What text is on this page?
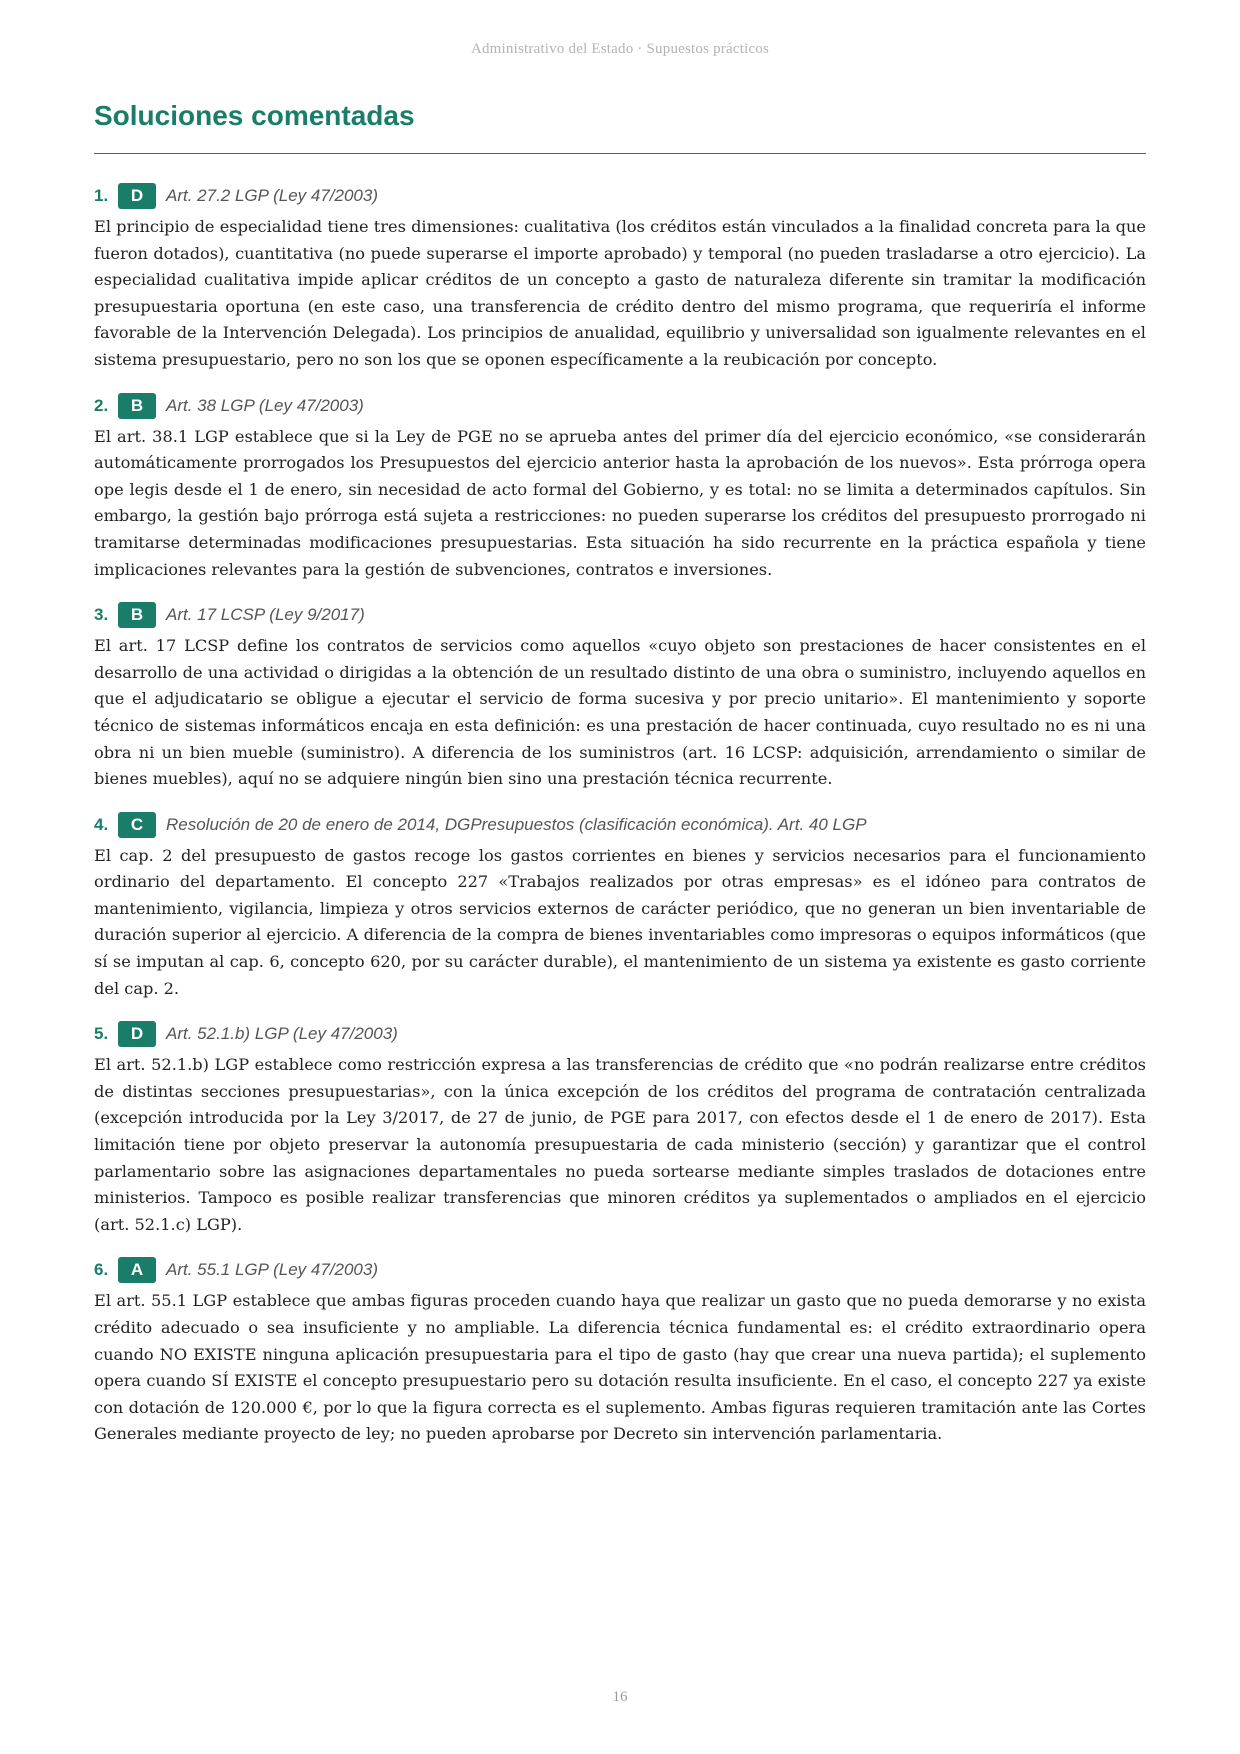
Administrativo del Estado · Supuestos prácticos
Soluciones comentadas
1.	D	Art. 27.2 LGP (Ley 47/2003)

El principio de especialidad tiene tres dimensiones: cualitativa (los créditos están vinculados a la finalidad concreta para la que fueron dotados), cuantitativa (no puede superarse el importe aprobado) y temporal (no pueden trasladarse a otro ejercicio). La especialidad cualitativa impide aplicar créditos de un concepto a gasto de naturaleza diferente sin tramitar la modificación presupuestaria oportuna (en este caso, una transferencia de crédito dentro del mismo programa, que requeriría el informe favorable de la Intervención Delegada). Los principios de anualidad, equilibrio y universalidad son igualmente relevantes en el sistema presupuestario, pero no son los que se oponen específicamente a la reubicación por concepto.

2.	B	Art. 38 LGP (Ley 47/2003)

El art. 38.1 LGP establece que si la Ley de PGE no se aprueba antes del primer día del ejercicio económico, «se considerarán automáticamente prorrogados los Presupuestos del ejercicio anterior hasta la aprobación de los nuevos». Esta prórroga opera ope legis desde el 1 de enero, sin necesidad de acto formal del Gobierno, y es total: no se limita a determinados capítulos. Sin embargo, la gestión bajo prórroga está sujeta a restricciones: no pueden superarse los créditos del presupuesto prorrogado ni tramitarse determinadas modificaciones presupuestarias. Esta situación ha sido recurrente en la práctica española y tiene implicaciones relevantes para la gestión de subvenciones, contratos e inversiones.

3.	B	Art. 17 LCSP (Ley 9/2017)

El art. 17 LCSP define los contratos de servicios como aquellos «cuyo objeto son prestaciones de hacer consistentes en el desarrollo de una actividad o dirigidas a la obtención de un resultado distinto de una obra o suministro, incluyendo aquellos en que el adjudicatario se obligue a ejecutar el servicio de forma sucesiva y por precio unitario». El mantenimiento y soporte técnico de sistemas informáticos encaja en esta definición: es una prestación de hacer continuada, cuyo resultado no es ni una obra ni un bien mueble (suministro). A diferencia de los suministros (art. 16 LCSP: adquisición, arrendamiento o similar de bienes muebles), aquí no se adquiere ningún bien sino una prestación técnica recurrente.

4.	C	Resolución de 20 de enero de 2014, DGPresupuestos (clasificación económica). Art. 40 LGP

El cap. 2 del presupuesto de gastos recoge los gastos corrientes en bienes y servicios necesarios para el funcionamiento ordinario del departamento. El concepto 227 «Trabajos realizados por otras empresas» es el idóneo para contratos de mantenimiento, vigilancia, limpieza y otros servicios externos de carácter periódico, que no generan un bien inventariable de duración superior al ejercicio. A diferencia de la compra de bienes inventariables como impresoras o equipos informáticos (que sí se imputan al cap. 6, concepto 620, por su carácter durable), el mantenimiento de un sistema ya existente es gasto corriente del cap. 2.

5.	D	Art. 52.1.b) LGP (Ley 47/2003)

El art. 52.1.b) LGP establece como restricción expresa a las transferencias de crédito que «no podrán realizarse entre créditos de distintas secciones presupuestarias», con la única excepción de los créditos del programa de contratación centralizada (excepción introducida por la Ley 3/2017, de 27 de junio, de PGE para 2017, con efectos desde el 1 de enero de 2017). Esta limitación tiene por objeto preservar la autonomía presupuestaria de cada ministerio (sección) y garantizar que el control parlamentario sobre las asignaciones departamentales no pueda sortearse mediante simples traslados de dotaciones entre ministerios. Tampoco es posible realizar transferencias que minoren créditos ya suplementados o ampliados en el ejercicio (art. 52.1.c) LGP).

6.	A	Art. 55.1 LGP (Ley 47/2003)

El art. 55.1 LGP establece que ambas figuras proceden cuando haya que realizar un gasto que no pueda demorarse y no exista crédito adecuado o sea insuficiente y no ampliable. La diferencia técnica fundamental es: el crédito extraordinario opera cuando NO EXISTE ninguna aplicación presupuestaria para el tipo de gasto (hay que crear una nueva partida); el suplemento opera cuando SÍ EXISTE el concepto presupuestario pero su dotación resulta insuficiente. En el caso, el concepto 227 ya existe con dotación de 120.000 €, por lo que la figura correcta es el suplemento. Ambas figuras requieren tramitación ante las Cortes Generales mediante proyecto de ley; no pueden aprobarse por Decreto sin intervención parlamentaria.

16
